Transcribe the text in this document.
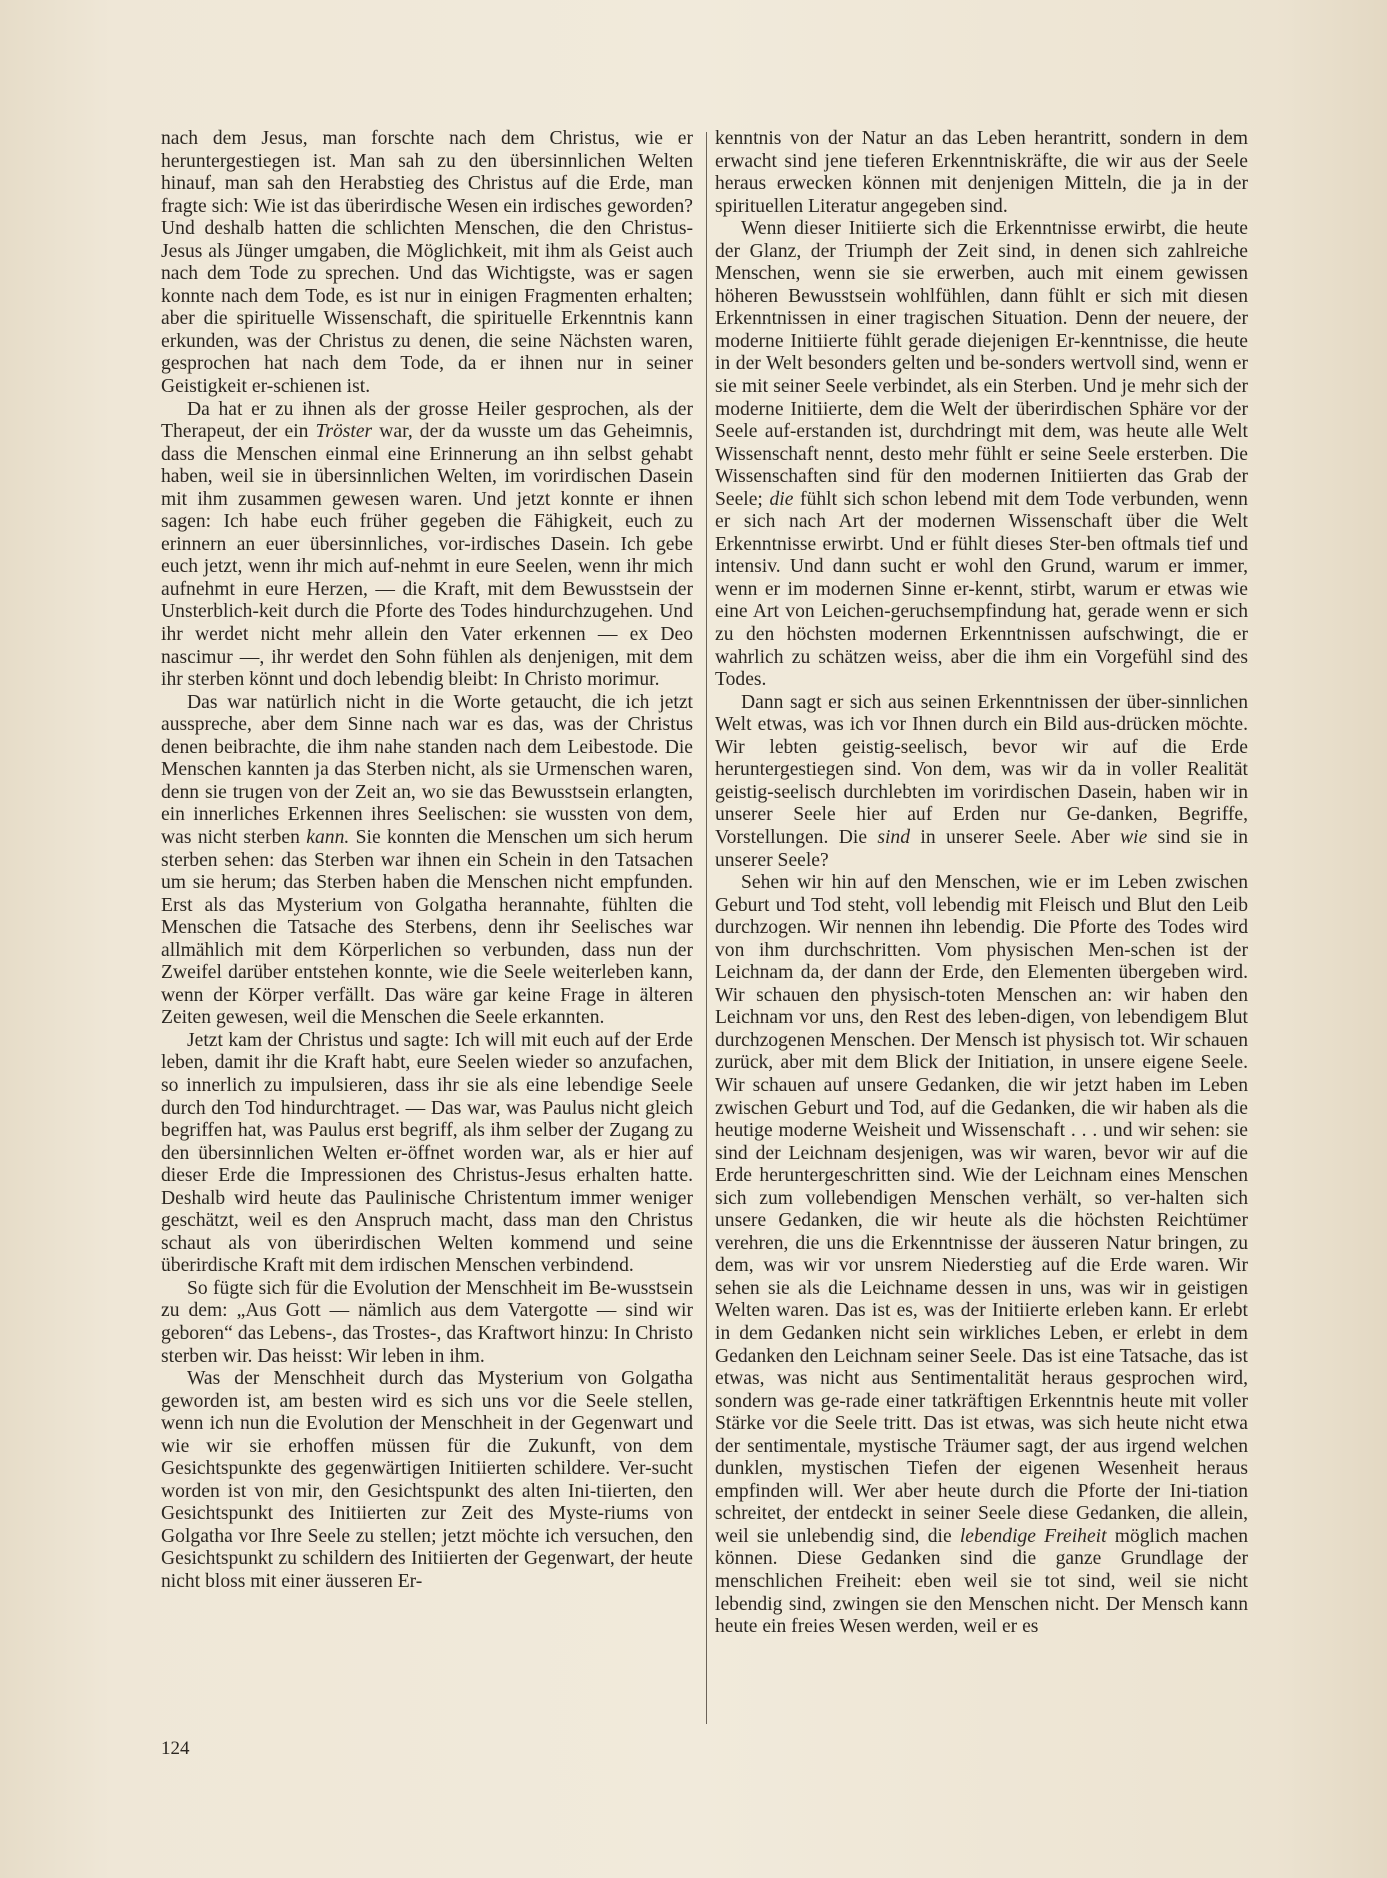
nach dem Jesus, man forschte nach dem Christus, wie er heruntergestiegen ist. Man sah zu den übersinnlichen Welten hinauf, man sah den Herabstieg des Christus auf die Erde, man fragte sich: Wie ist das überirdische Wesen ein irdisches geworden? Und deshalb hatten die schlichten Menschen, die den Christus-Jesus als Jünger umgaben, die Möglichkeit, mit ihm als Geist auch nach dem Tode zu sprechen. Und das Wichtigste, was er sagen konnte nach dem Tode, es ist nur in einigen Fragmenten erhalten; aber die spirituelle Wissenschaft, die spirituelle Erkenntnis kann erkunden, was der Christus zu denen, die seine Nächsten waren, gesprochen hat nach dem Tode, da er ihnen nur in seiner Geistigkeit er-schienen ist.

Da hat er zu ihnen als der grosse Heiler gesprochen, als der Therapeut, der ein Tröster war, der da wusste um das Geheimnis, dass die Menschen einmal eine Erinnerung an ihn selbst gehabt haben, weil sie in übersinnlichen Welten, im vorirdischen Dasein mit ihm zusammen gewesen waren. Und jetzt konnte er ihnen sagen: Ich habe euch früher gegeben die Fähigkeit, euch zu erinnern an euer übersinnliches, vor-irdisches Dasein. Ich gebe euch jetzt, wenn ihr mich auf-nehmt in eure Seelen, wenn ihr mich aufnehmt in eure Herzen, — die Kraft, mit dem Bewusstsein der Unsterblich-keit durch die Pforte des Todes hindurchzugehen. Und ihr werdet nicht mehr allein den Vater erkennen — ex Deo nascimur —, ihr werdet den Sohn fühlen als denjenigen, mit dem ihr sterben könnt und doch lebendig bleibt: In Christo morimur.

Das war natürlich nicht in die Worte getaucht, die ich jetzt ausspreche, aber dem Sinne nach war es das, was der Christus denen beibrachte, die ihm nahe standen nach dem Leibestode. Die Menschen kannten ja das Sterben nicht, als sie Urmenschen waren, denn sie trugen von der Zeit an, wo sie das Bewusstsein erlangten, ein innerliches Erkennen ihres Seelischen: sie wussten von dem, was nicht sterben kann. Sie konnten die Menschen um sich herum sterben sehen: das Sterben war ihnen ein Schein in den Tatsachen um sie herum; das Sterben haben die Menschen nicht empfunden. Erst als das Mysterium von Golgatha herannahte, fühlten die Menschen die Tatsache des Sterbens, denn ihr Seelisches war allmählich mit dem Körperlichen so verbunden, dass nun der Zweifel darüber entstehen konnte, wie die Seele weiterleben kann, wenn der Körper verfällt. Das wäre gar keine Frage in älteren Zeiten gewesen, weil die Menschen die Seele erkannten.

Jetzt kam der Christus und sagte: Ich will mit euch auf der Erde leben, damit ihr die Kraft habt, eure Seelen wieder so anzufachen, so innerlich zu impulsieren, dass ihr sie als eine lebendige Seele durch den Tod hindurchtraget. — Das war, was Paulus nicht gleich begriffen hat, was Paulus erst begriff, als ihm selber der Zugang zu den übersinnlichen Welten er-öffnet worden war, als er hier auf dieser Erde die Impressionen des Christus-Jesus erhalten hatte. Deshalb wird heute das Paulinische Christentum immer weniger geschätzt, weil es den Anspruch macht, dass man den Christus schaut als von überirdischen Welten kommend und seine überirdische Kraft mit dem irdischen Menschen verbindend.

So fügte sich für die Evolution der Menschheit im Be-wusstsein zu dem: „Aus Gott — nämlich aus dem Vatergotte — sind wir geboren“ das Lebens-, das Trostes-, das Kraftwort hinzu: In Christo sterben wir. Das heisst: Wir leben in ihm.

Was der Menschheit durch das Mysterium von Golgatha geworden ist, am besten wird es sich uns vor die Seele stellen, wenn ich nun die Evolution der Menschheit in der Gegenwart und wie wir sie erhoffen müssen für die Zukunft, von dem Gesichtspunkte des gegenwärtigen Initiierten schildere. Ver-sucht worden ist von mir, den Gesichtspunkt des alten Ini-tiierten, den Gesichtspunkt des Initiierten zur Zeit des Myste-riums von Golgatha vor Ihre Seele zu stellen; jetzt möchte ich versuchen, den Gesichtspunkt zu schildern des Initiierten der Gegenwart, der heute nicht bloss mit einer äusseren Er-

kenntnis von der Natur an das Leben herantritt, sondern in dem erwacht sind jene tieferen Erkenntniskräfte, die wir aus der Seele heraus erwecken können mit denjenigen Mitteln, die ja in der spirituellen Literatur angegeben sind.

Wenn dieser Initiierte sich die Erkenntnisse erwirbt, die heute der Glanz, der Triumph der Zeit sind, in denen sich zahlreiche Menschen, wenn sie sie erwerben, auch mit einem gewissen höheren Bewusstsein wohlfühlen, dann fühlt er sich mit diesen Erkenntnissen in einer tragischen Situation. Denn der neuere, der moderne Initiierte fühlt gerade diejenigen Er-kenntnisse, die heute in der Welt besonders gelten und be-sonders wertvoll sind, wenn er sie mit seiner Seele verbindet, als ein Sterben. Und je mehr sich der moderne Initiierte, dem die Welt der überirdischen Sphäre vor der Seele auf-erstanden ist, durchdringt mit dem, was heute alle Welt Wissenschaft nennt, desto mehr fühlt er seine Seele ersterben. Die Wissenschaften sind für den modernen Initiierten das Grab der Seele; die fühlt sich schon lebend mit dem Tode verbunden, wenn er sich nach Art der modernen Wissenschaft über die Welt Erkenntnisse erwirbt. Und er fühlt dieses Ster-ben oftmals tief und intensiv. Und dann sucht er wohl den Grund, warum er immer, wenn er im modernen Sinne er-kennt, stirbt, warum er etwas wie eine Art von Leichen-geruchsempfindung hat, gerade wenn er sich zu den höchsten modernen Erkenntnissen aufschwingt, die er wahrlich zu schätzen weiss, aber die ihm ein Vorgefühl sind des Todes.

Dann sagt er sich aus seinen Erkenntnissen der über-sinnlichen Welt etwas, was ich vor Ihnen durch ein Bild aus-drücken möchte. Wir lebten geistig-seelisch, bevor wir auf die Erde heruntergestiegen sind. Von dem, was wir da in voller Realität geistig-seelisch durchlebten im vorirdischen Dasein, haben wir in unserer Seele hier auf Erden nur Ge-danken, Begriffe, Vorstellungen. Die sind in unserer Seele. Aber wie sind sie in unserer Seele?

Sehen wir hin auf den Menschen, wie er im Leben zwischen Geburt und Tod steht, voll lebendig mit Fleisch und Blut den Leib durchzogen. Wir nennen ihn lebendig. Die Pforte des Todes wird von ihm durchschritten. Vom physischen Men-schen ist der Leichnam da, der dann der Erde, den Elementen übergeben wird. Wir schauen den physisch-toten Menschen an: wir haben den Leichnam vor uns, den Rest des leben-digen, von lebendigem Blut durchzogenen Menschen. Der Mensch ist physisch tot. Wir schauen zurück, aber mit dem Blick der Initiation, in unsere eigene Seele. Wir schauen auf unsere Gedanken, die wir jetzt haben im Leben zwischen Geburt und Tod, auf die Gedanken, die wir haben als die heutige moderne Weisheit und Wissenschaft . . . und wir sehen: sie sind der Leichnam desjenigen, was wir waren, bevor wir auf die Erde heruntergeschritten sind. Wie der Leichnam eines Menschen sich zum vollebendigen Menschen verhält, so ver-halten sich unsere Gedanken, die wir heute als die höchsten Reichtümer verehren, die uns die Erkenntnisse der äusseren Natur bringen, zu dem, was wir vor unsrem Niederstieg auf die Erde waren. Wir sehen sie als die Leichname dessen in uns, was wir in geistigen Welten waren. Das ist es, was der Initiierte erleben kann. Er erlebt in dem Gedanken nicht sein wirkliches Leben, er erlebt in dem Gedanken den Leichnam seiner Seele. Das ist eine Tatsache, das ist etwas, was nicht aus Sentimentalität heraus gesprochen wird, sondern was ge-rade einer tatkräftigen Erkenntnis heute mit voller Stärke vor die Seele tritt. Das ist etwas, was sich heute nicht etwa der sentimentale, mystische Träumer sagt, der aus irgend welchen dunklen, mystischen Tiefen der eigenen Wesenheit heraus empfinden will. Wer aber heute durch die Pforte der Ini-tiation schreitet, der entdeckt in seiner Seele diese Gedanken, die allein, weil sie unlebendig sind, die lebendige Freiheit möglich machen können. Diese Gedanken sind die ganze Grundlage der menschlichen Freiheit: eben weil sie tot sind, weil sie nicht lebendig sind, zwingen sie den Menschen nicht. Der Mensch kann heute ein freies Wesen werden, weil er es

124
